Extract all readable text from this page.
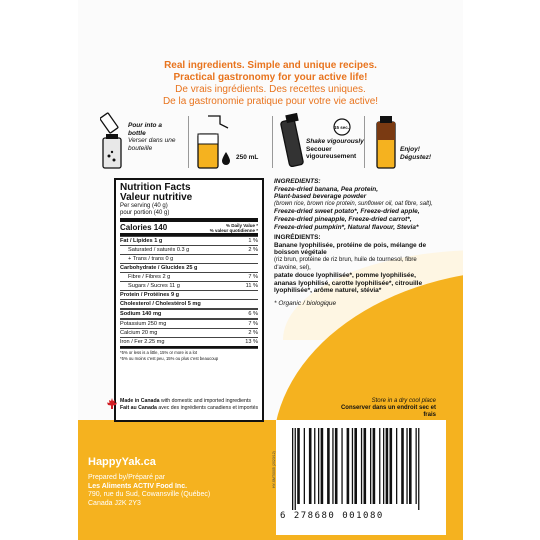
Real ingredients. Simple and unique recipes.
Practical gastronomy for your active life!
De vrais ingrédients. Des recettes uniques.
De la gastronomie pratique pour votre vie active!
Pour into a bottle
Verser dans une bouteille
250 mL
15 sec.
Shake vigourously
Secouer vigoureusement
Enjoy!
Dégustez!
Nutrition Facts
Valeur nutritive
Per serving (40 g)
pour portion (40 g)
Calories 140	% Daily Value *
% valeur quotidienne *
Fat / Lipides 1 g	1 %
Saturated / saturés 0.3 g	2 %
+ Trans / trans 0 g
Carbohydrate / Glucides 25 g
Fibre / Fibres 2 g	7 %
Sugars / Sucres 11 g	11 %
Protein / Protéines 9 g
Cholesterol / Cholestérol 5 mg
Sodium 140 mg	6 %
Potassium 250 mg	7 %
Calcium 20 mg	2 %
Iron / Fer 2.25 mg	13 %
*5% or less is a little, 15% or more is a lot
*5% ou moins c'est peu, 15% ou plus c'est beaucoup
INGREDIENTS:
Freeze-dried banana, Pea protein,
Plant-based beverage powder
(brown rice, brown rice protein, sunflower oil, oat fibre, salt),
Freeze-dried sweet potato*, Freeze-dried apple, Freeze-dried pineapple, Freeze-dried carrot*, Freeze-dried pumpkin*, Natural flavour, Stevia*
INGRÉDIENTS:
Banane lyophilisée, protéine de pois, mélange de boisson végétale
(riz brun, protéine de riz brun, huile de tournesol, fibre d'avoine, sel),
patate douce lyophilisée*, pomme lyophilisée, ananas lyophilisé, carotte lyophilisée*, citrouille lyophilisée*, arôme naturel, stévia*
* Organic / biologique
Made in Canada with domestic and imported ingredients
Fait au Canada avec des ingrédients canadiens et importés
Store in a dry cool place
Conserver dans un endroit sec et frais
HappyYak.ca
Prepared by/Préparé par
Les Aliments ACTIV Food Inc.
790, rue du Sud, Cowansville (Québec)
Canada J2K 2Y3
6 278680 001080
HY-SMT0005 (2023/12)
